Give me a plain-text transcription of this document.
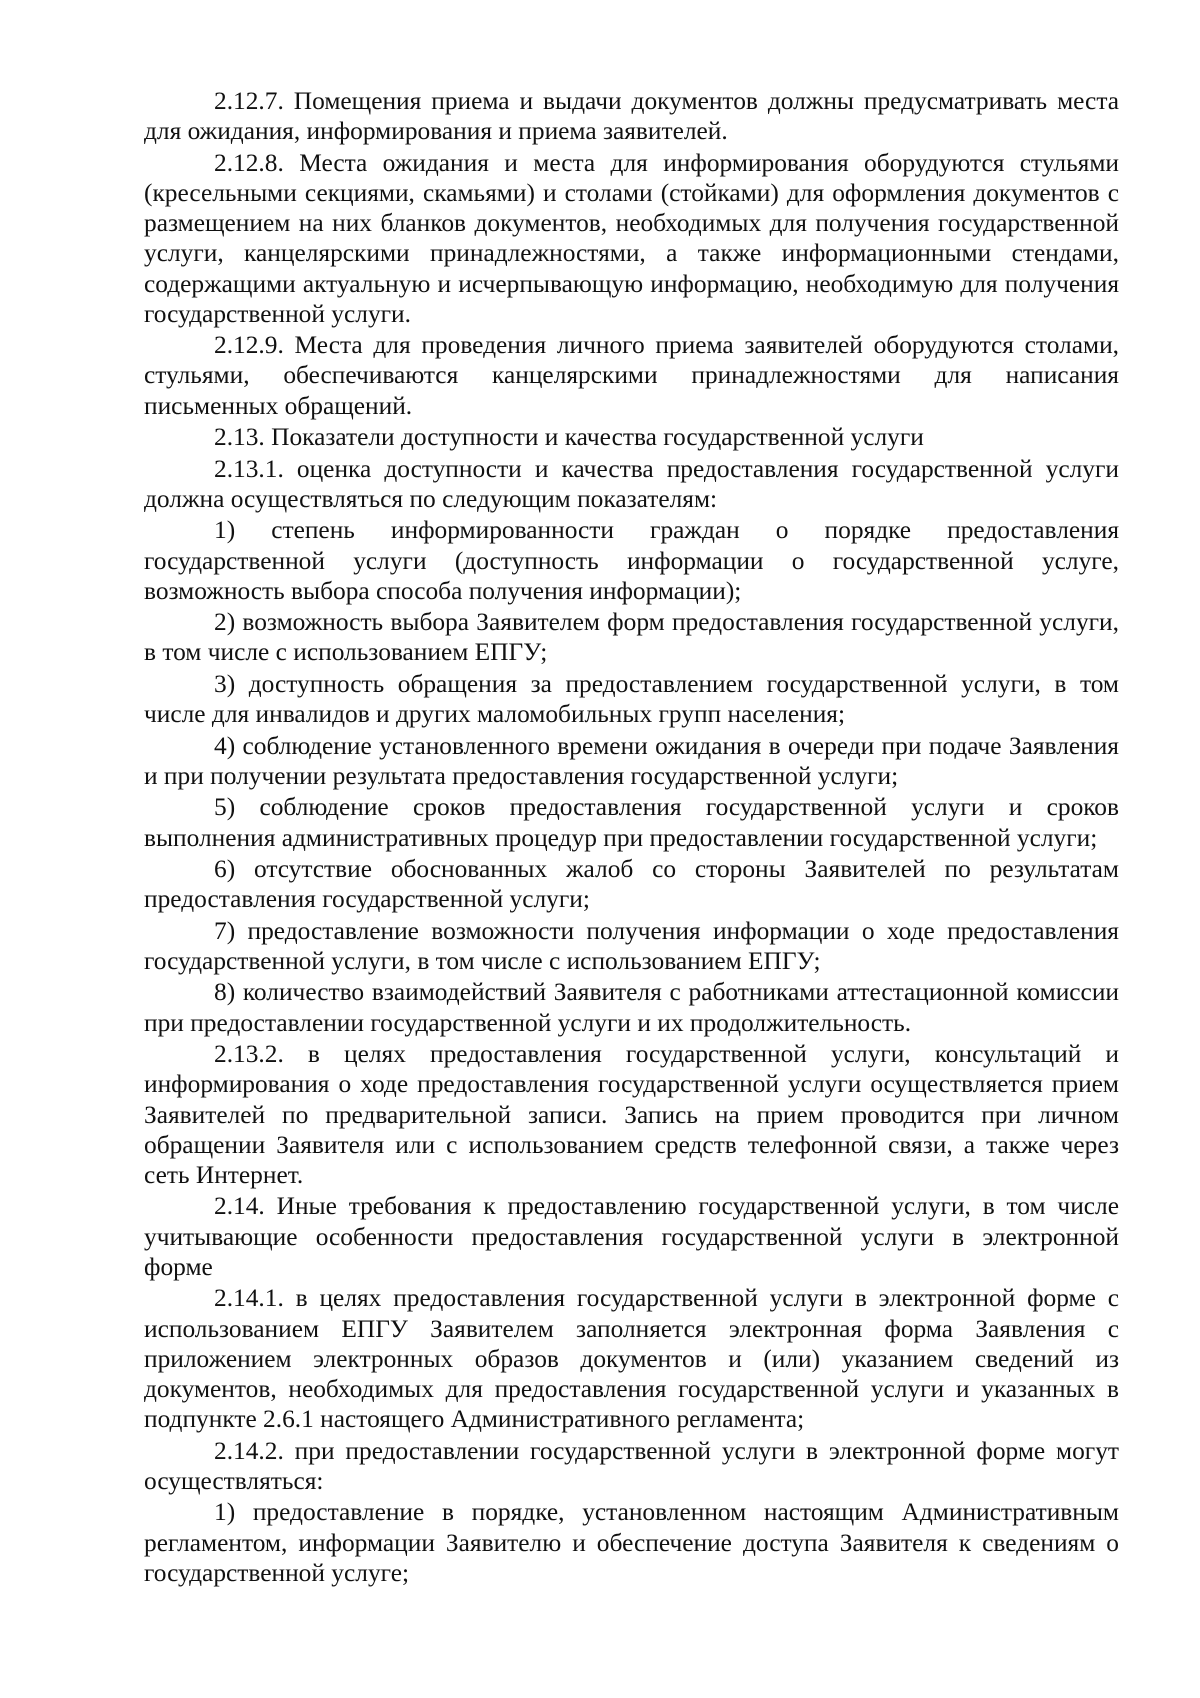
2.12.7. Помещения приема и выдачи документов должны предусматривать места для ожидания, информирования и приема заявителей.

2.12.8. Места ожидания и места для информирования оборудуются стульями (кресельными секциями, скамьями) и столами (стойками) для оформления документов с размещением на них бланков документов, необходимых для получения государственной услуги, канцелярскими принадлежностями, а также информационными стендами, содержащими актуальную и исчерпывающую информацию, необходимую для получения государственной услуги.

2.12.9. Места для проведения личного приема заявителей оборудуются столами, стульями, обеспечиваются канцелярскими принадлежностями для написания письменных обращений.

2.13. Показатели доступности и качества государственной услуги

2.13.1. оценка доступности и качества предоставления государственной услуги должна осуществляться по следующим показателям:

1) степень информированности граждан о порядке предоставления государственной услуги (доступность информации о государственной услуге, возможность выбора способа получения информации);

2) возможность выбора Заявителем форм предоставления государственной услуги, в том числе с использованием ЕПГУ;

3) доступность обращения за предоставлением государственной услуги, в том числе для инвалидов и других маломобильных групп населения;

4) соблюдение установленного времени ожидания в очереди при подаче Заявления и при получении результата предоставления государственной услуги;

5) соблюдение сроков предоставления государственной услуги и сроков выполнения административных процедур при предоставлении государственной услуги;

6) отсутствие обоснованных жалоб со стороны Заявителей по результатам предоставления государственной услуги;

7) предоставление возможности получения информации о ходе предоставления государственной услуги, в том числе с использованием ЕПГУ;

8) количество взаимодействий Заявителя с работниками аттестационной комиссии при предоставлении государственной услуги и их продолжительность.

2.13.2. в целях предоставления государственной услуги, консультаций и информирования о ходе предоставления государственной услуги осуществляется прием Заявителей по предварительной записи. Запись на прием проводится при личном обращении Заявителя или с использованием средств телефонной связи, а также через сеть Интернет.

2.14. Иные требования к предоставлению государственной услуги, в том числе учитывающие особенности предоставления государственной услуги в электронной форме

2.14.1. в целях предоставления государственной услуги в электронной форме с использованием ЕПГУ Заявителем заполняется электронная форма Заявления с приложением электронных образов документов и (или) указанием сведений из документов, необходимых для предоставления государственной услуги и указанных в подпункте 2.6.1 настоящего Административного регламента;

2.14.2. при предоставлении государственной услуги в электронной форме могут осуществляться:

1) предоставление в порядке, установленном настоящим Административным регламентом, информации Заявителю и обеспечение доступа Заявителя к сведениям о государственной услуге;
